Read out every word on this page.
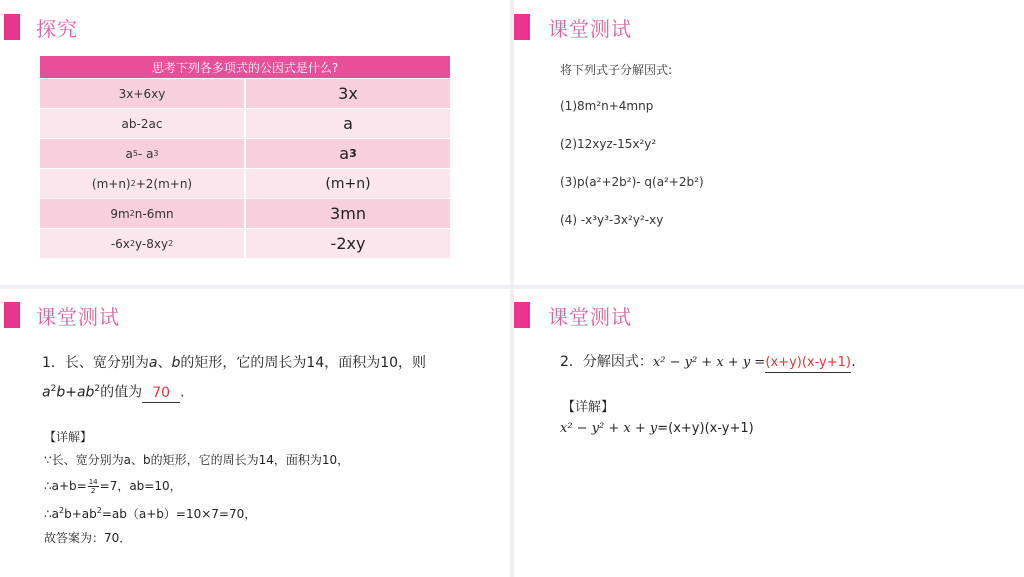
探究
思考下列各多项式的公因式是什么?
3x+6xy	3x
ab-2ac	a
a 5 - a 3	a 3
(m+n) 2 +2(m+n)	(m+n)
9m 2 n-6mn	3mn
-6x 2 y-8xy 2	-2xy
课堂测试
将下列式子分解因式:
(1)8m²n+4mnp
(2)12xyz-15x²y²
(3)p(a²+2b²)- q(a²+2b²)
(4) -x³y³-3x²y²-xy
课堂测试
1．长、宽分别为a、b的矩形，它的周长为14，面积为10，则
$a^2b+ab^2$的值为 70 .
【详解】
∵长、宽分别为a、b的矩形，它的周长为14，面积为10，
∴a+b= $\frac{14}{2} =7$，ab=10，
$\therefore a^2b+ab^2=ab(a+b)=10\times 7=70$，
故答案为：70．
课堂测试
2．分解因式：x² − y² + x + y =(x+y)(x-y+1).
【详解】
x² − y² + x + y=(x+y)(x-y+1)
